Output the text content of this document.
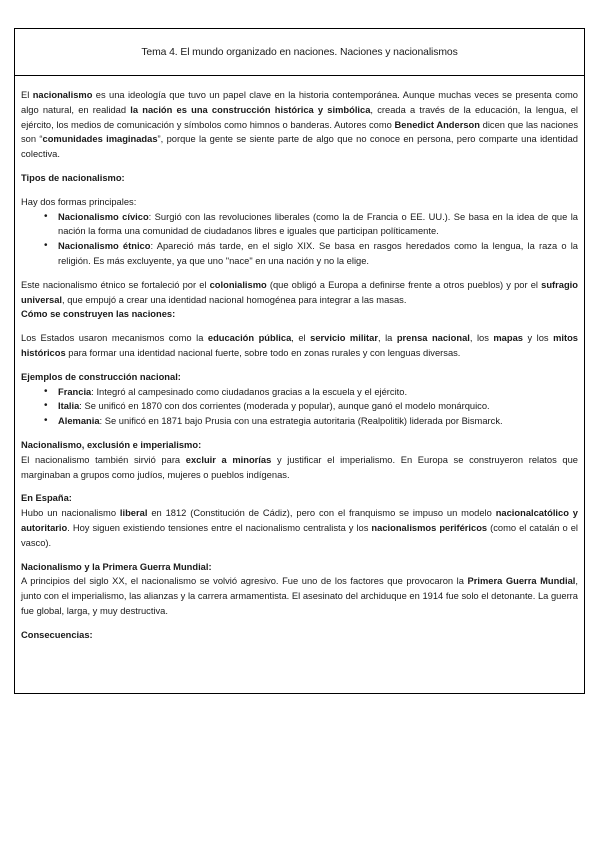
Tema 4. El mundo organizado en naciones. Naciones y nacionalismos

El nacionalismo es una ideología que tuvo un papel clave en la historia contemporánea. Aunque muchas veces se presenta como algo natural, en realidad la nación es una construcción histórica y simbólica, creada a través de la educación, la lengua, el ejército, los medios de comunicación y símbolos como himnos o banderas. Autores como Benedict Anderson dicen que las naciones son “comunidades imaginadas”, porque la gente se siente parte de algo que no conoce en persona, pero comparte una identidad colectiva.

Tipos de nacionalismo:

Hay dos formas principales:

• Nacionalismo cívico: Surgió con las revoluciones liberales (como la de Francia o EE. UU.). Se basa en la idea de que la nación la forma una comunidad de ciudadanos libres e iguales que participan políticamente.
• Nacionalismo étnico: Apareció más tarde, en el siglo XIX. Se basa en rasgos heredados como la lengua, la raza o la religión. Es más excluyente, ya que uno "nace" en una nación y no la elige.

Este nacionalismo étnico se fortaleció por el colonialismo (que obligó a Europa a definirse frente a otros pueblos) y por el sufragio universal, que empujó a crear una identidad nacional homogénea para integrar a las masas.

Cómo se construyen las naciones:

Los Estados usaron mecanismos como la educación pública, el servicio militar, la prensa nacional, los mapas y los mitos históricos para formar una identidad nacional fuerte, sobre todo en zonas rurales y con lenguas diversas.

Ejemplos de construcción nacional:

• Francia: Integró al campesinado como ciudadanos gracias a la escuela y el ejército.
• Italia: Se unificó en 1870 con dos corrientes (moderada y popular), aunque ganó el modelo monárquico.
• Alemania: Se unificó en 1871 bajo Prusia con una estrategia autoritaria (Realpolitik) liderada por Bismarck.

Nacionalismo, exclusión e imperialismo:

El nacionalismo también sirvió para excluir a minorías y justificar el imperialismo. En Europa se construyeron relatos que marginaban a grupos como judíos, mujeres o pueblos indígenas.

En España:

Hubo un nacionalismo liberal en 1812 (Constitución de Cádiz), pero con el franquismo se impuso un modelo nacionalcatólico y autoritario. Hoy siguen existiendo tensiones entre el nacionalismo centralista y los nacionalismos periféricos (como el catalán o el vasco).

Nacionalismo y la Primera Guerra Mundial:

A principios del siglo XX, el nacionalismo se volvió agresivo. Fue uno de los factores que provocaron la Primera Guerra Mundial, junto con el imperialismo, las alianzas y la carrera armamentista. El asesinato del archiduque en 1914 fue solo el detonante. La guerra fue global, larga, y muy destructiva.

Consecuencias:
